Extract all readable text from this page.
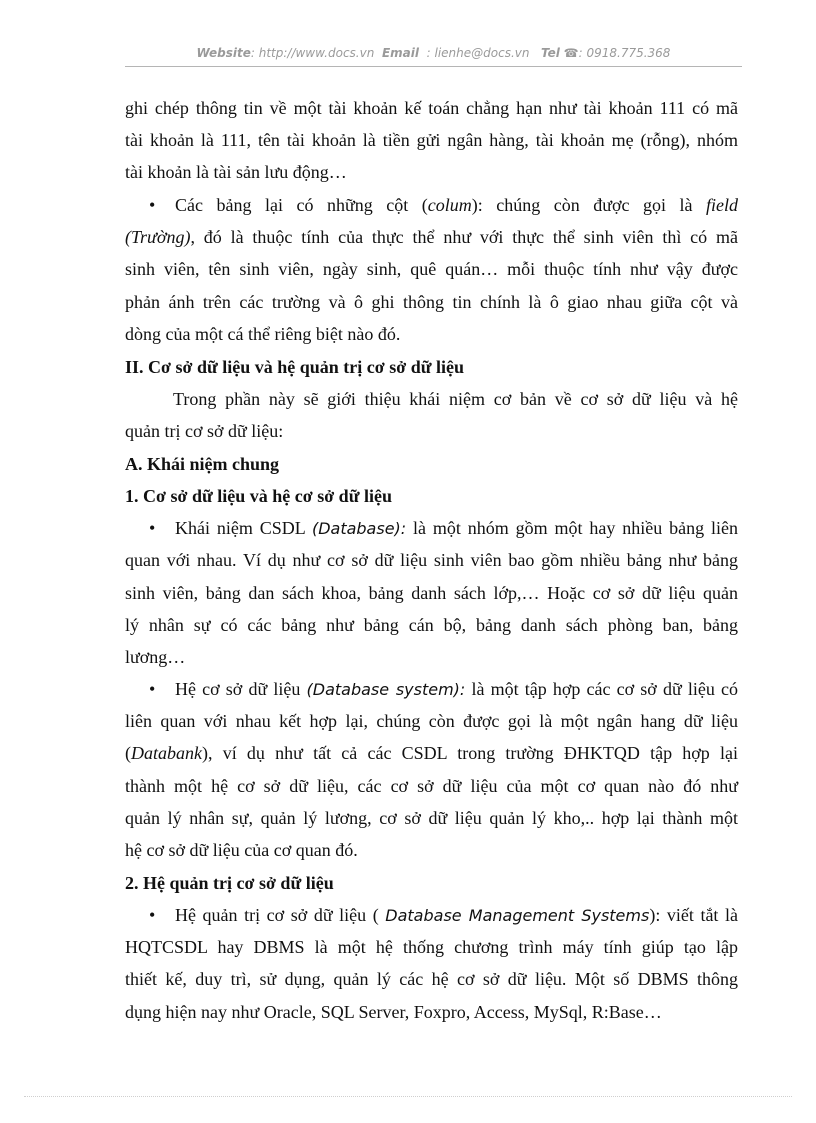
Website: http://www.docs.vn Email : lienhe@docs.vn Tel ☎: 0918.775.368
ghi chép thông tin về một tài khoản kế toán chẳng hạn như tài khoản 111 có mã
tài khoản là 111, tên tài khoản là tiền gửi ngân hàng, tài khoản mẹ (rỗng), nhóm
tài khoản là tài sản lưu động…
• Các bảng lại có những cột (colum): chúng còn được gọi là field
(Trường), đó là thuộc tính của thực thể như với thực thể sinh viên thì có mã
sinh viên, tên sinh viên, ngày sinh, quê quán… mỗi thuộc tính như vậy được
phản ánh trên các trường và ô ghi thông tin chính là ô giao nhau giữa cột và
dòng của một cá thể riêng biệt nào đó.
II. Cơ sở dữ liệu và hệ quản trị cơ sở dữ liệu
Trong phần này sẽ giới thiệu khái niệm cơ bản về cơ sở dữ liệu và hệ
quản trị cơ sở dữ liệu:
A. Khái niệm chung
1. Cơ sở dữ liệu và hệ cơ sở dữ liệu
• Khái niệm CSDL (Database): là một nhóm gồm một hay nhiều bảng liên
quan với nhau. Ví dụ như cơ sở dữ liệu sinh viên bao gồm nhiều bảng như bảng
sinh viên, bảng dan sách khoa, bảng danh sách lớp,… Hoặc cơ sở dữ liệu quản
lý nhân sự có các bảng như bảng cán bộ, bảng danh sách phòng ban, bảng
lương…
• Hệ cơ sở dữ liệu (Database system): là một tập hợp các cơ sở dữ liệu có
liên quan với nhau kết hợp lại, chúng còn được gọi là một ngân hang dữ liệu
(Databank), ví dụ như tất cả các CSDL trong trường ĐHKTQD tập hợp lại
thành một hệ cơ sở dữ liệu, các cơ sở dữ liệu của một cơ quan nào đó như
quản lý nhân sự, quản lý lương, cơ sở dữ liệu quản lý kho,.. hợp lại thành một
hệ cơ sở dữ liệu của cơ quan đó.
2. Hệ quản trị cơ sở dữ liệu
• Hệ quản trị cơ sở dữ liệu ( Database Management Systems): viết tắt là
HQTCSDL hay DBMS là một hệ thống chương trình máy tính giúp tạo lập
thiết kế, duy trì, sử dụng, quản lý các hệ cơ sở dữ liệu. Một số DBMS thông
dụng hiện nay như Oracle, SQL Server, Foxpro, Access, MySql, R:Base…
